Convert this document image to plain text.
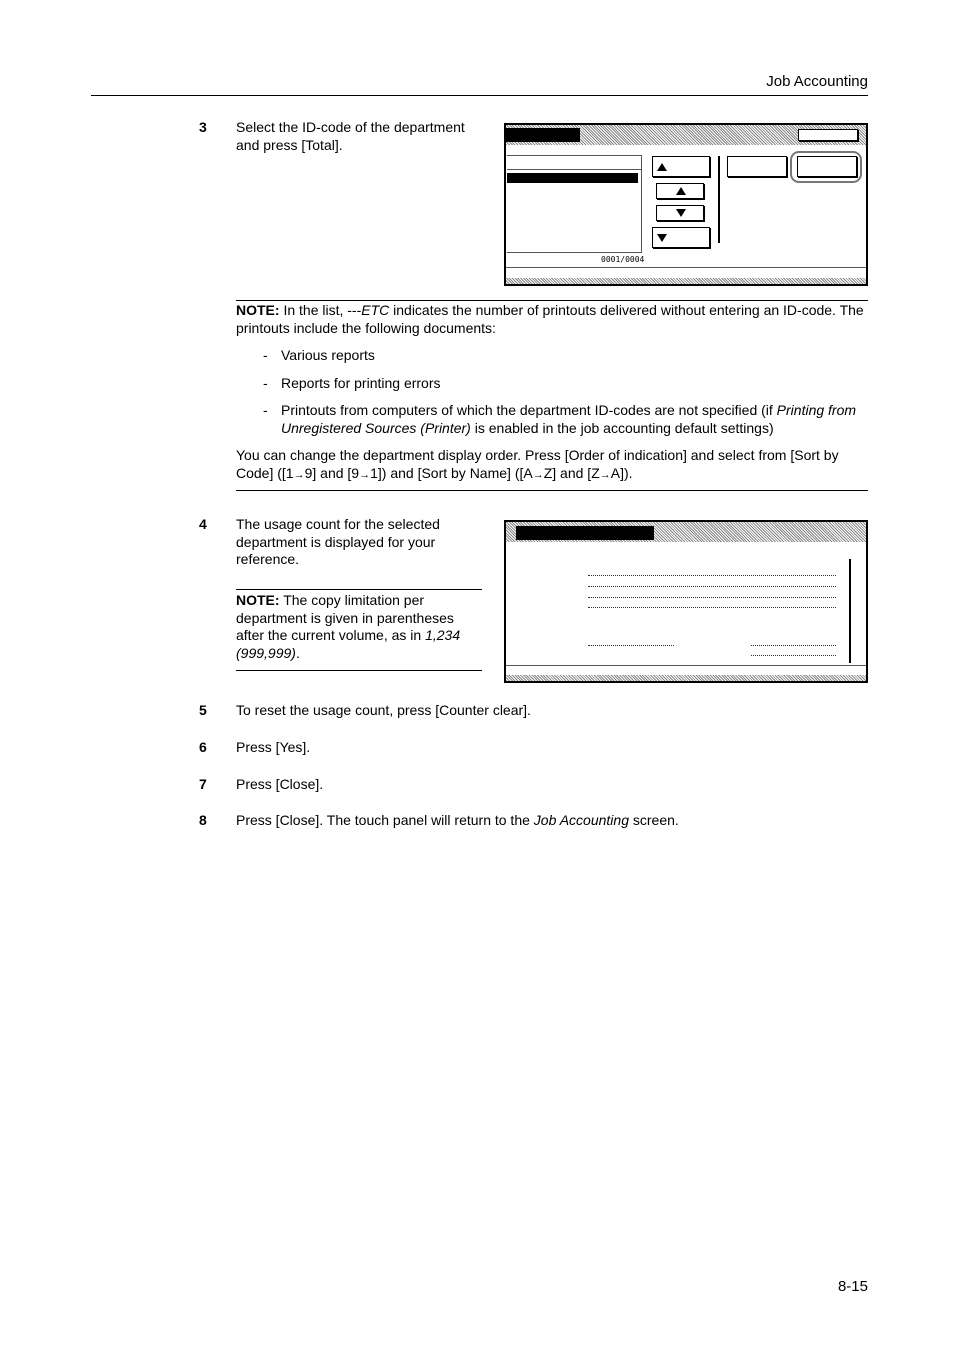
Job Accounting
3 Select the ID-code of the department and press [Total].
0001/0004
NOTE: In the list, ---ETC indicates the number of printouts delivered without entering an ID-code. The printouts include the following documents:
- Various reports
- Reports for printing errors
- Printouts from computers of which the department ID-codes are not specified (if Printing from Unregistered Sources (Printer) is enabled in the job accounting default settings)
You can change the department display order. Press [Order of indication] and select from [Sort by Code] ([1→9] and [9→1]) and [Sort by Name] ([A→Z] and [Z→A]).
4 The usage count for the selected department is displayed for your reference.
NOTE: The copy limitation per department is given in parentheses after the current volume, as in 1,234 (999,999).
5 To reset the usage count, press [Counter clear].
6 Press [Yes].
7 Press [Close].
8 Press [Close]. The touch panel will return to the Job Accounting screen.
8-15
